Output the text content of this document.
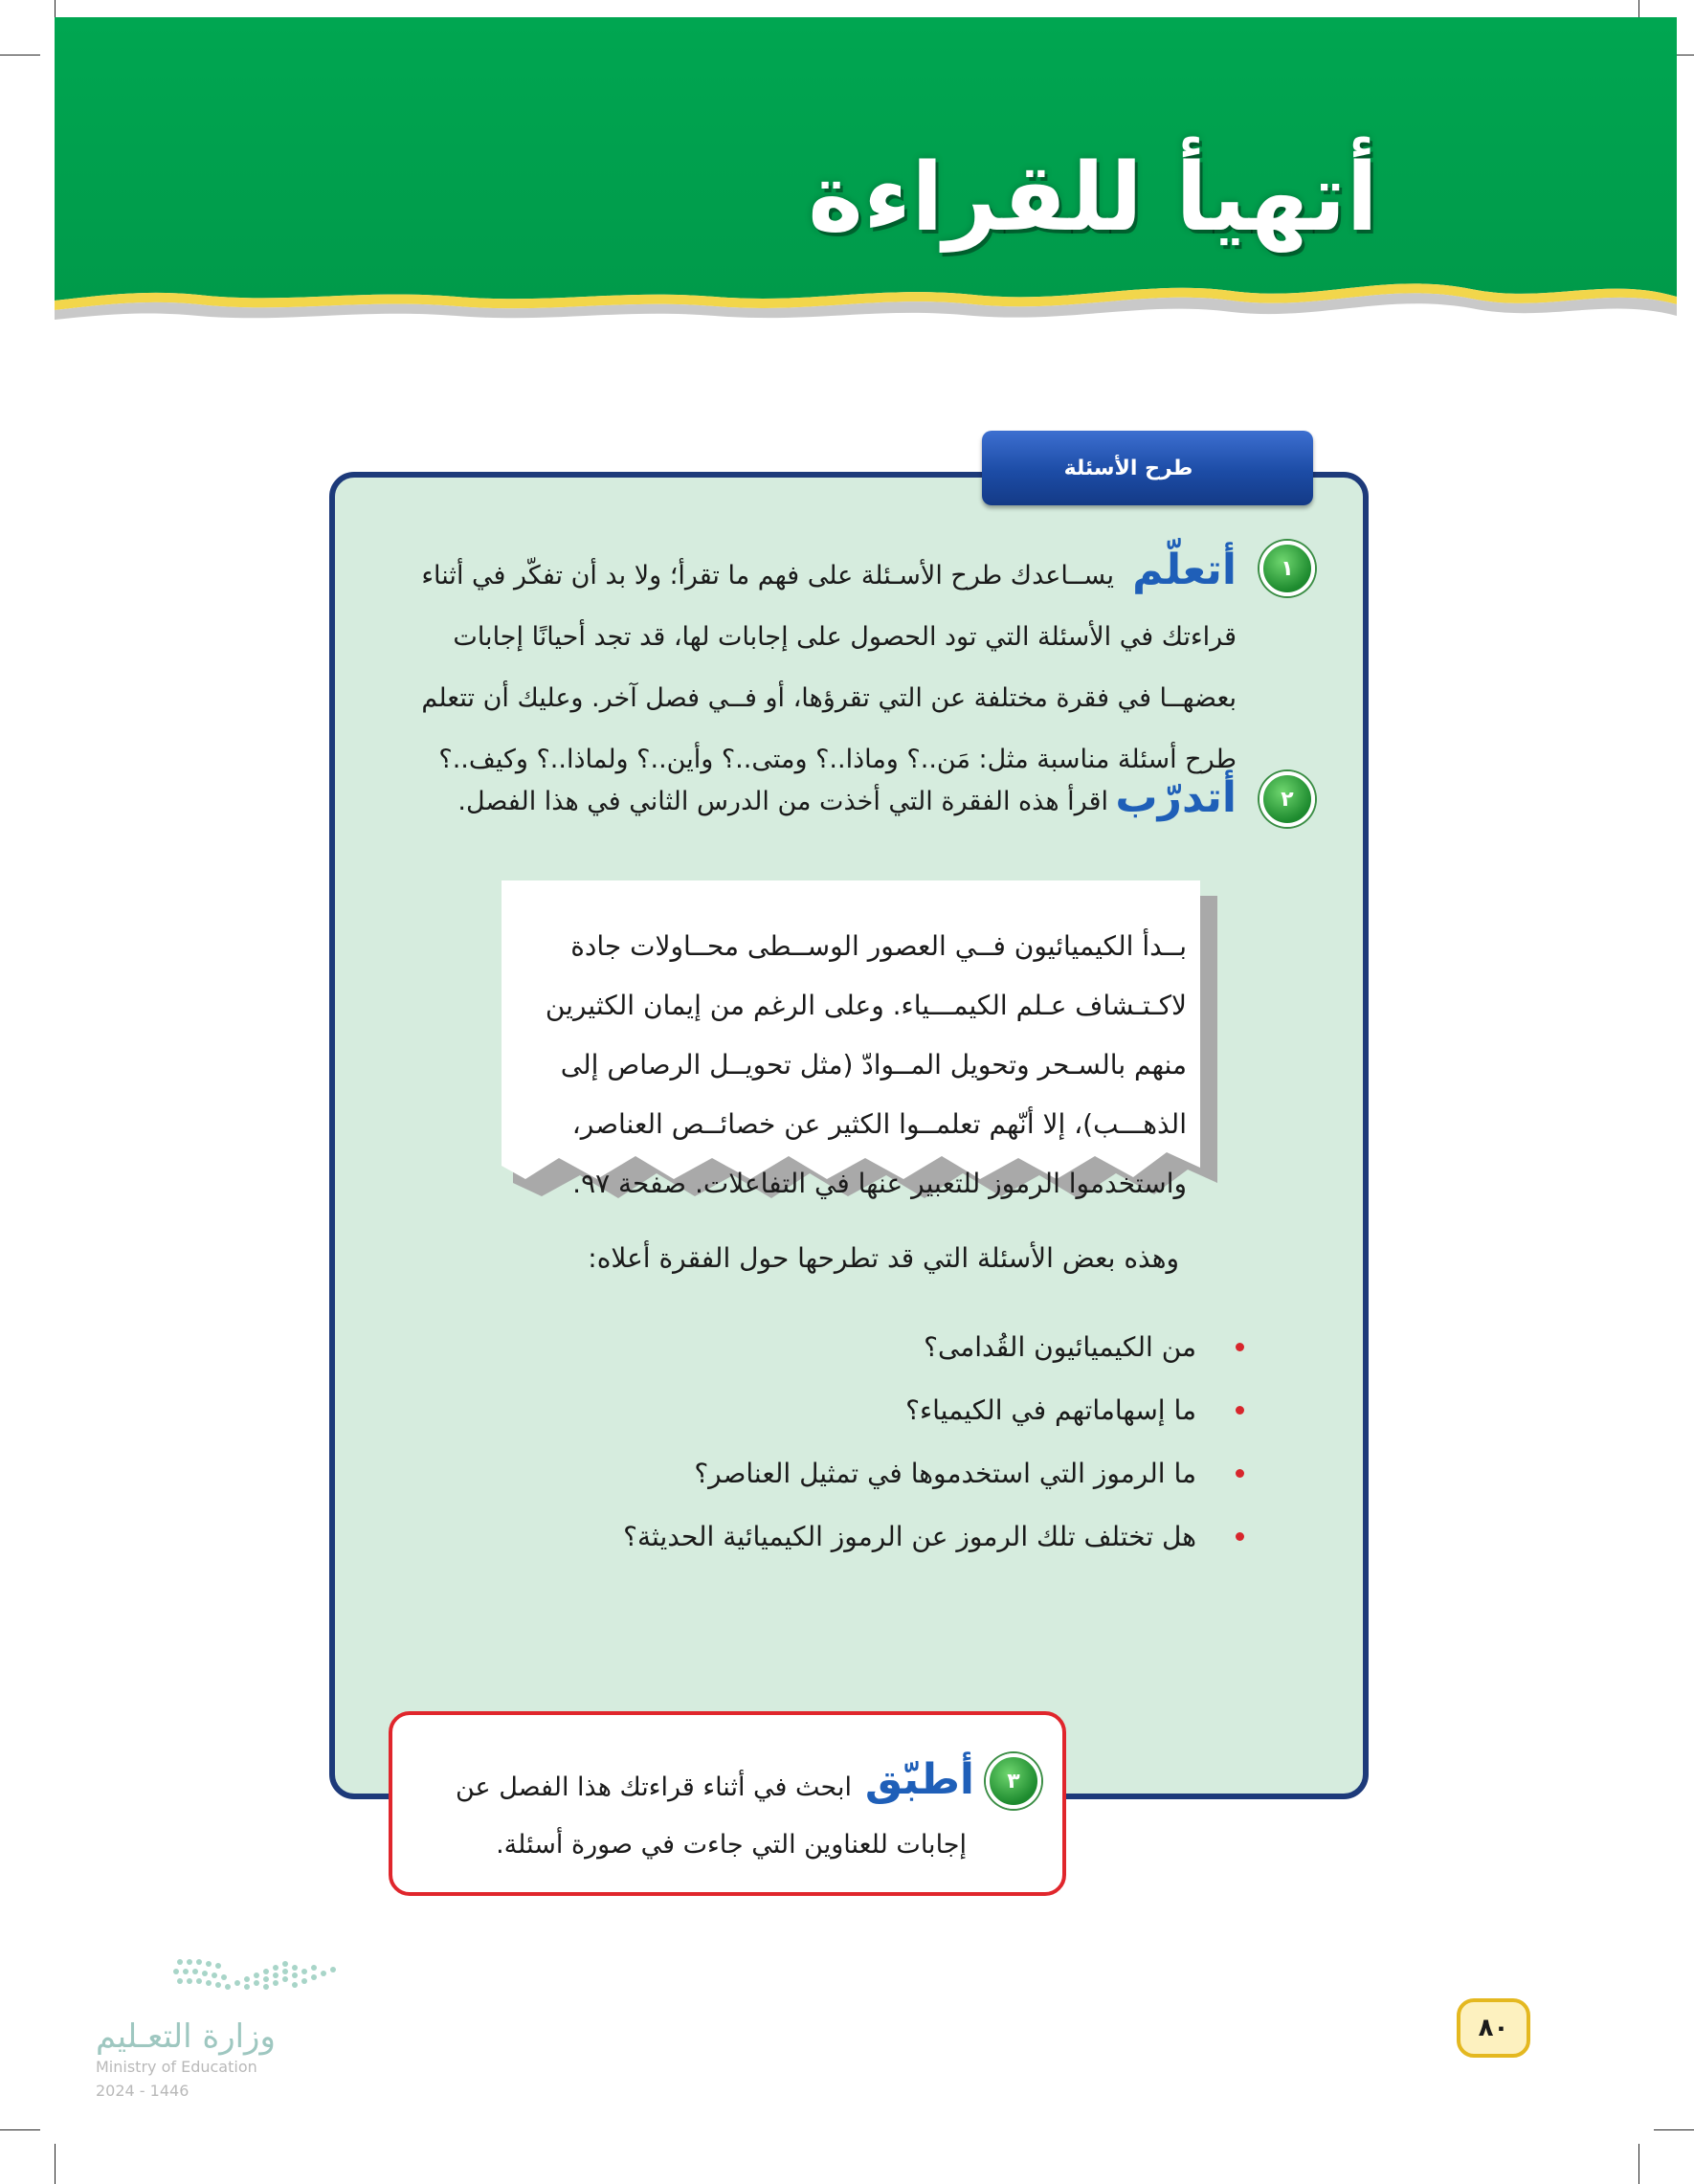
أتهيأ للقراءة
طرح الأسئلة
١
أتعلّم
يســاعدك طرح الأسـئلة على فهم ما تقرأ؛ ولا بد أن تفكّر في أثناء
قراءتك في الأسئلة التي تود الحصول على إجابات لها، قد تجد أحيانًا إجابات
بعضهــا في فقرة مختلفة عن التي تقرؤها، أو فــي فصل آخر. وعليك أن تتعلم
طرح أسئلة مناسبة مثل: مَن..؟ وماذا..؟ ومتى..؟ وأين..؟ ولماذا..؟ وكيف..؟
٢
أتدرّب
اقرأ هذه الفقرة التي أخذت من الدرس الثاني في هذا الفصل.
بــدأ الكيميائيون فــي العصور الوســطى محــاولات جادة
لاكـتـشاف عـلم الكيمـــياء. وعلى الرغم من إيمان الكثيرين
منهم بالسـحر وتحويل المــوادّ (مثل تحويــل الرصاص إلى
الذهـــب)، إلا أنّهم تعلمــوا الكثير عن خصائــص العناصر،
واستخدموا الرموز للتعبير عنها في التفاعلات. صفحة ٩٧.
وهذه بعض الأسئلة التي قد تطرحها حول الفقرة أعلاه:
من الكيميائيون القُدامى؟
ما إسهاماتهم في الكيمياء؟
ما الرموز التي استخدموها في تمثيل العناصر؟
هل تختلف تلك الرموز عن الرموز الكيميائية الحديثة؟
٣
أطبّق
ابحث في أثناء قراءتك هذا الفصل عن
إجابات للعناوين التي جاءت في صورة أسئلة.
٨٠
وزارة التعـليم
Ministry of Education
2024 - 1446
